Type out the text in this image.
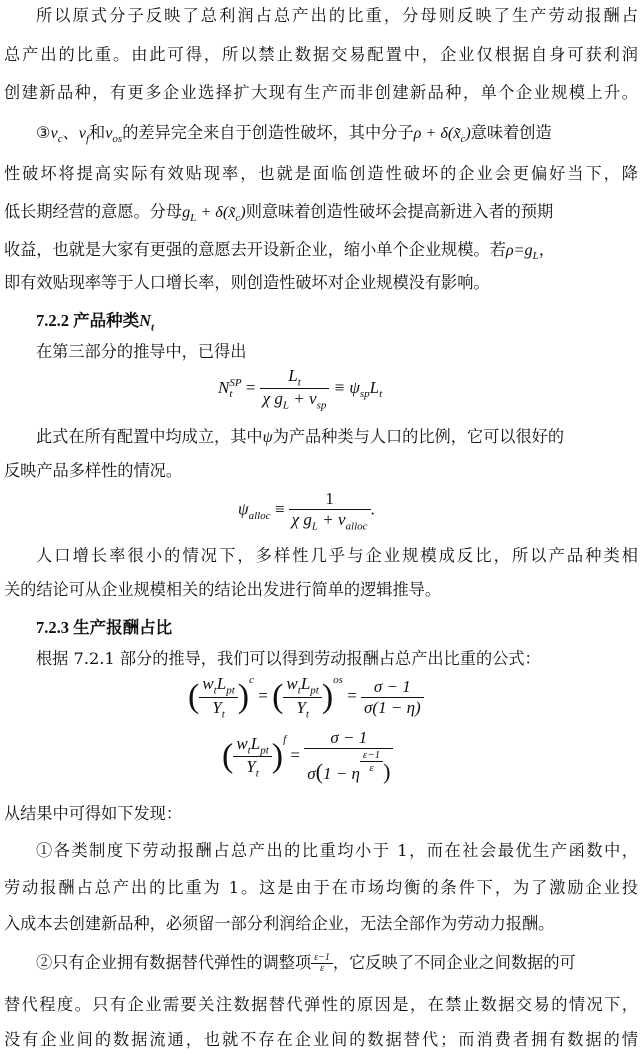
所以原式分子反映了总利润占总产出的比重，分母则反映了生产劳动报酬占
总产出的比重。由此可得，所以禁止数据交易配置中，企业仅根据自身可获利润
创建新品种，有更多企业选择扩大现有生产而非创建新品种，单个企业规模上升。
$③\nu_c$、$\nu_f$和$\nu_{os}$的差异完全来自于创造性破坏，其中分子$\rho + \delta(x̃_c)$意味着创造
性破坏将提高实际有效贴现率，也就是面临创造性破坏的企业会更偏好当下，降
低长期经营的意愿。分母$g_L$ + $\delta(x̃_c)$则意味着创造性破坏会提高新进入者的预期
收益，也就是大家有更强的意愿去开设新企业，缩小单个企业规模。若$\rho=g_L$，
即有效贴现率等于人口增长率，则创造性破坏对企业规模没有影响。
7.2.2 产品种类$N_t$
在第三部分的推导中，已得出
N SP
$t = \frac{L_t}{\chi g_L + v_{sp}} \equiv \psi_{sp}L_t$
此式在所有配置中均成立，其中ψ为产品种类与人口的比例，它可以很好的
反映产品多样性的情况。
$\psi_{alloc} \equiv \frac{1}{\chi g_L + v_{alloc}}$ .
人口增长率很小的情况下，多样性几乎与企业规模成反比，所以产品种类相
关的结论可从企业规模相关的结论出发进行简单的逻辑推导。
7.2.3 生产报酬占比
根据 7.2.1 部分的推导，我们可以得到劳动报酬占总产出比重的公式：
( $\frac{w_tL_{pt}}{Y_t} )^c$ = ( $\frac{w_tL_{pt}}{Y_t} )^{os} = \frac{\sigma - 1}{\sigma(1 - \eta)}$
( $\frac{w_tL_{pt}}{Y_t} )^f = \frac{\sigma - 1}{\sigma(1 - \eta \frac{\varepsilon-1}{\varepsilon} )}$
从结果中可得如下发现：
①各类制度下劳动报酬占总产出的比重均小于 1，而在社会最优生产函数中，
劳动报酬占总产出的比重为 1。这是由于在市场均衡的条件下，为了激励企业投
入成本去创建新品种，必须留一部分利润给企业，无法全部作为劳动力报酬。
②只有企业拥有数据替代弹性的调整项 $\frac{\varepsilon-1}{\varepsilon}$ ，它反映了不同企业之间数据的可
替代程度。只有企业需要关注数据替代弹性的原因是，在禁止数据交易的情况下，
没有企业间的数据流通，也就不存在企业间的数据替代；而消费者拥有数据的情
